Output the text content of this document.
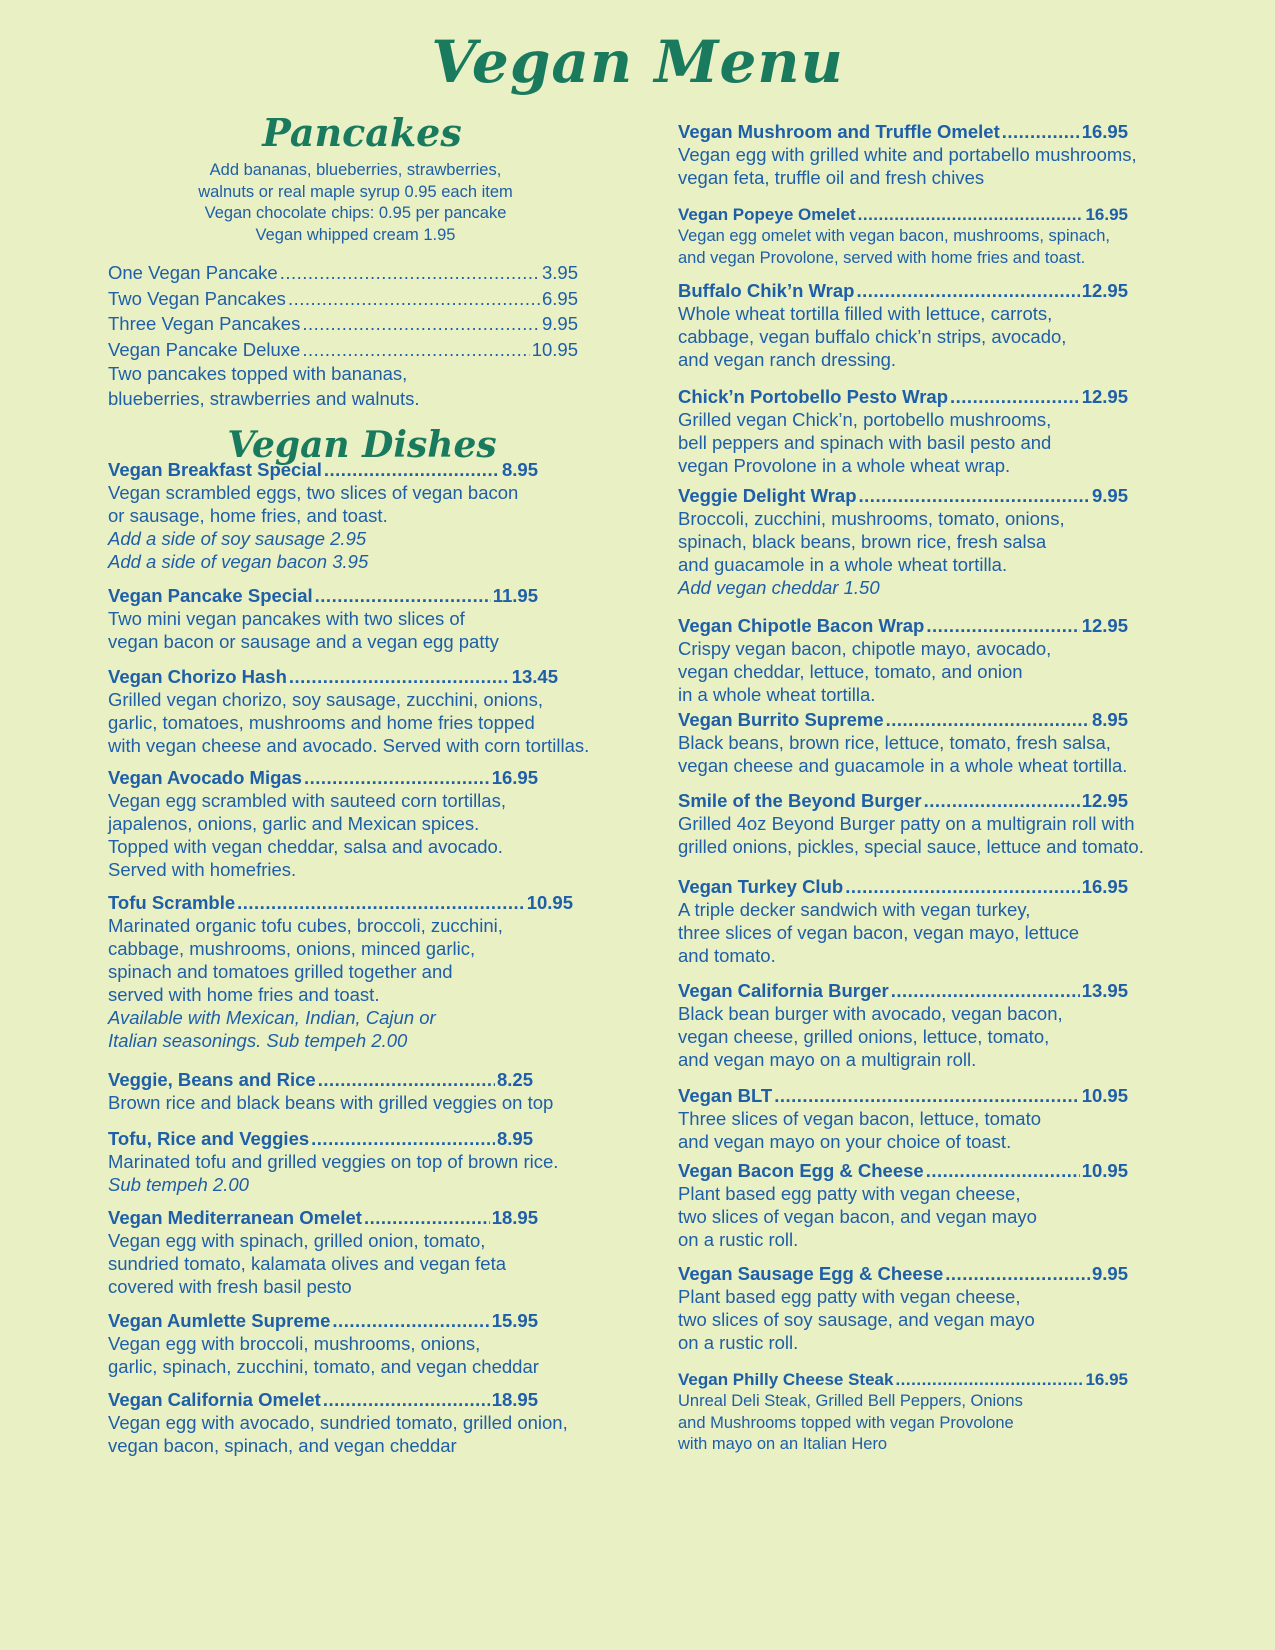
Vegan Menu
Pancakes
Add bananas, blueberries, strawberries,
walnuts or real maple syrup 0.95 each item
Vegan chocolate chips: 0.95 per pancake
Vegan whipped cream 1.95
One Vegan Pancake .....	3.95
Two Vegan Pancakes .....	6.95
Three Vegan Pancakes .....	9.95
Vegan Pancake Deluxe .....	10.95
Two pancakes topped with bananas,
blueberries, strawberries and walnuts.
Vegan Dishes
Vegan Breakfast Special .....	8.95
Vegan scrambled eggs, two slices of vegan bacon
or sausage, home fries, and toast.
Add a side of soy sausage 2.95
Add a side of vegan bacon 3.95
Vegan Pancake Special .....	11.95
Two mini vegan pancakes with two slices of
vegan bacon or sausage and a vegan egg patty
Vegan Chorizo Hash .....	13.45
Grilled vegan chorizo, soy sausage, zucchini, onions,
garlic, tomatoes, mushrooms and home fries topped
with vegan cheese and avocado. Served with corn tortillas.
Vegan Avocado Migas .....	16.95
Vegan egg scrambled with sauteed corn tortillas,
japalenos, onions, garlic and Mexican spices.
Topped with vegan cheddar, salsa and avocado.
Served with homefries.
Tofu Scramble .....	10.95
Marinated organic tofu cubes, broccoli, zucchini,
cabbage, mushrooms, onions, minced garlic,
spinach and tomatoes grilled together and
served with home fries and toast.
Available with Mexican, Indian, Cajun or
Italian seasonings. Sub tempeh 2.00
Veggie, Beans and Rice .....	8.25
Brown rice and black beans with grilled veggies on top
Tofu, Rice and Veggies .....	8.95
Marinated tofu and grilled veggies on top of brown rice.
Sub tempeh 2.00
Vegan Mediterranean Omelet .....	18.95
Vegan egg with spinach, grilled onion, tomato,
sundried tomato, kalamata olives and vegan feta
covered with fresh basil pesto
Vegan Aumlette Supreme .....	15.95
Vegan egg with broccoli, mushrooms, onions,
garlic, spinach, zucchini, tomato, and vegan cheddar
Vegan California Omelet .....	18.95
Vegan egg with avocado, sundried tomato, grilled onion,
vegan bacon, spinach, and vegan cheddar
Vegan Mushroom and Truffle Omelet .....	16.95
Vegan egg with grilled white and portabello mushrooms,
vegan feta, truffle oil and fresh chives
Vegan Popeye Omelet .....	16.95
Vegan egg omelet with vegan bacon, mushrooms, spinach,
and vegan Provolone, served with home fries and toast.
Buffalo Chik’n Wrap .....	12.95
Whole wheat tortilla filled with lettuce, carrots,
cabbage, vegan buffalo chick’n strips, avocado,
and vegan ranch dressing.
Chick’n Portobello Pesto Wrap .....	12.95
Grilled vegan Chick’n, portobello mushrooms,
bell peppers and spinach with basil pesto and
vegan Provolone in a whole wheat wrap.
Veggie Delight Wrap .....	9.95
Broccoli, zucchini, mushrooms, tomato, onions,
spinach, black beans, brown rice, fresh salsa
and guacamole in a whole wheat tortilla.
Add vegan cheddar 1.50
Vegan Chipotle Bacon Wrap .....	12.95
Crispy vegan bacon, chipotle mayo, avocado,
vegan cheddar, lettuce, tomato, and onion
in a whole wheat tortilla.
Vegan Burrito Supreme .....	8.95
Black beans, brown rice, lettuce, tomato, fresh salsa,
vegan cheese and guacamole in a whole wheat tortilla.
Smile of the Beyond Burger .....	12.95
Grilled 4oz Beyond Burger patty on a multigrain roll with
grilled onions, pickles, special sauce, lettuce and tomato.
Vegan Turkey Club .....	16.95
A triple decker sandwich with vegan turkey,
three slices of vegan bacon, vegan mayo, lettuce
and tomato.
Vegan California Burger .....	13.95
Black bean burger with avocado, vegan bacon,
vegan cheese, grilled onions, lettuce, tomato,
and vegan mayo on a multigrain roll.
Vegan BLT .....	10.95
Three slices of vegan bacon, lettuce, tomato
and vegan mayo on your choice of toast.
Vegan Bacon Egg & Cheese .....	10.95
Plant based egg patty with vegan cheese,
two slices of vegan bacon, and vegan mayo
on a rustic roll.
Vegan Sausage Egg & Cheese .....	9.95
Plant based egg patty with vegan cheese,
two slices of soy sausage, and vegan mayo
on a rustic roll.
Vegan Philly Cheese Steak .....	16.95
Unreal Deli Steak, Grilled Bell Peppers, Onions
and Mushrooms topped with vegan Provolone
with mayo on an Italian Hero
